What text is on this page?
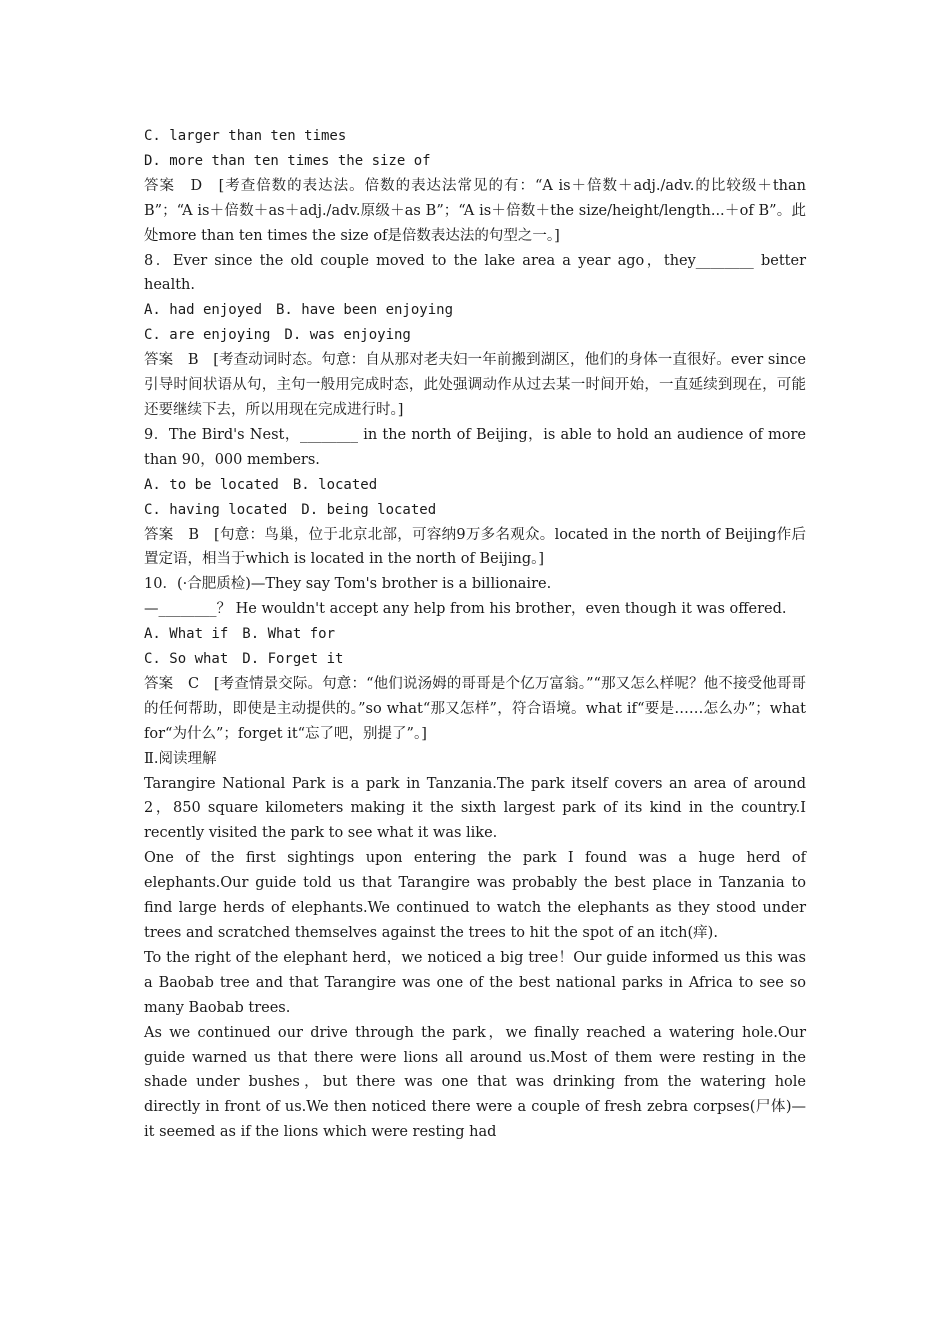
C. larger than ten times

D. more than ten times the size of

答案　D　[考查倍数的表达法。倍数的表达法常见的有：“A is＋倍数＋adj./adv.的比较级＋than B”；“A is＋倍数＋as＋adj./adv.原级＋as B”；“A is＋倍数＋the size/height/length...＋of B”。此处more than ten times the size of是倍数表达法的句型之一。]

8．Ever since the old couple moved to the lake area a year ago，they________ better health.

A. had enjoyed　B. have been enjoying

C. are enjoying　D. was enjoying

答案　B　[考查动词时态。句意：自从那对老夫妇一年前搬到湖区，他们的身体一直很好。ever since引导时间状语从句，主句一般用完成时态，此处强调动作从过去某一时间开始，一直延续到现在，可能还要继续下去，所以用现在完成进行时。]

9．The Bird's Nest，________ in the north of Beijing，is able to hold an audience of more than 90，000 members.

A. to be located　B. located

C. having located　D. being located

答案　B　[句意：鸟巢，位于北京北部，可容纳9万多名观众。located in the north of Beijing作后置定语，相当于which is located in the north of Beijing。]

10．(·合肥质检)—They say Tom's brother is a billionaire.

—________？ He wouldn't accept any help from his brother，even though it was offered.

A. What if　B. What for

C. So what　D. Forget it

答案　C　[考查情景交际。句意：“他们说汤姆的哥哥是个亿万富翁。”“那又怎么样呢？他不接受他哥哥的任何帮助，即使是主动提供的。”so what“那又怎样”，符合语境。what if“要是……怎么办”；what for“为什么”；forget it“忘了吧，别提了”。]

Ⅱ.阅读理解

Tarangire National Park is a park in Tanzania.The park itself covers an area of around 2，850 square kilometers making it the sixth largest park of its kind in the country.I recently visited the park to see what it was like.

One of the first sightings upon entering the park I found was a huge herd of elephants.Our guide told us that Tarangire was probably the best place in Tanzania to find large herds of elephants.We continued to watch the elephants as they stood under trees and scratched themselves against the trees to hit the spot of an itch(痒).

To the right of the elephant herd，we noticed a big tree！Our guide informed us this was a Baobab tree and that Tarangire was one of the best national parks in Africa to see so many Baobab trees.

As we continued our drive through the park，we finally reached a watering hole.Our guide warned us that there were lions all around us.Most of them were resting in the shade under bushes，but there was one that was drinking from the watering hole directly in front of us.We then noticed there were a couple of fresh zebra corpses(尸体)—it seemed as if the lions which were resting had
